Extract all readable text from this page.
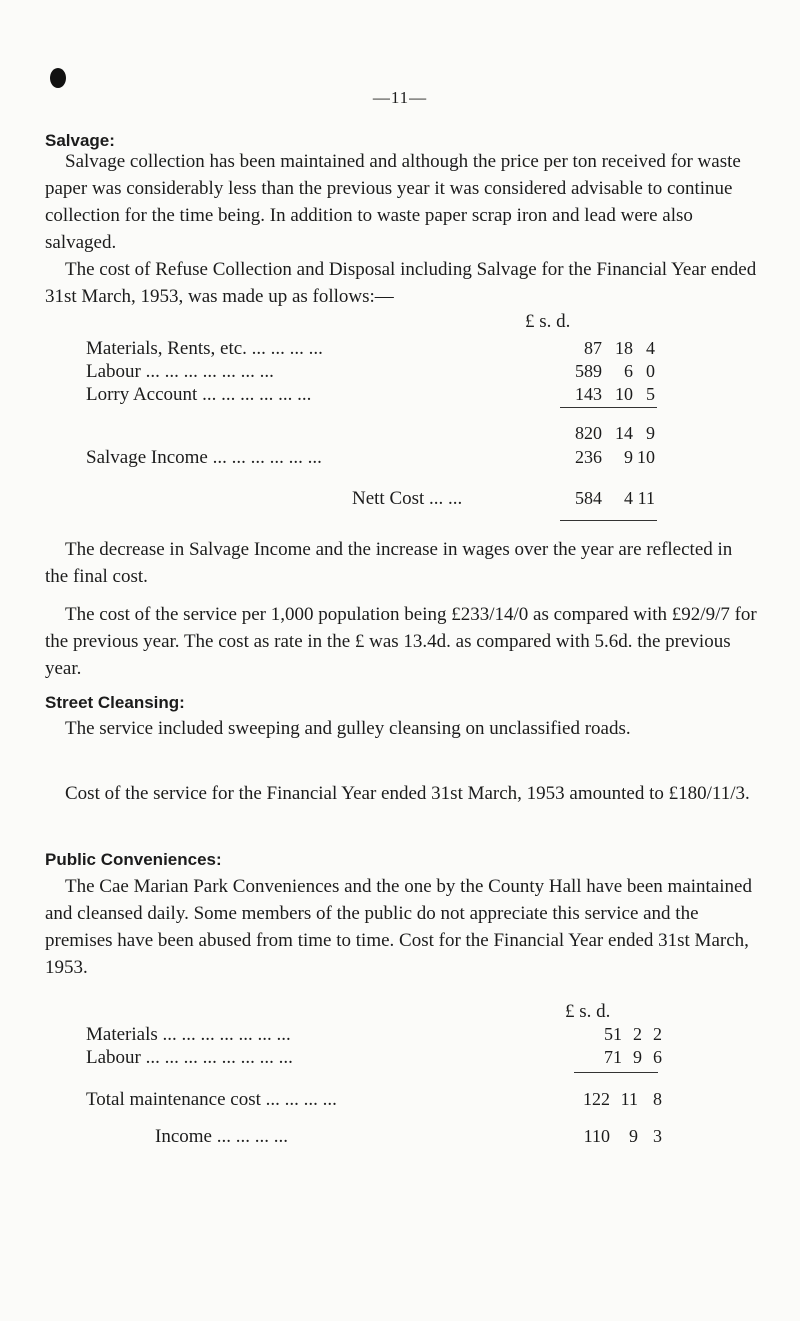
—11—
Salvage:
Salvage collection has been maintained and although the price per ton received for waste paper was considerably less than the previous year it was considered advisable to continue collection for the time being. In addition to waste paper scrap iron and lead were also salvaged.
The cost of Refuse Collection and Disposal including Salvage for the Financial Year ended 31st March, 1953, was made up as follows:—
£ s. d.
Materials, Rents, etc. ... ... ... ...	87 18 4
Labour ... ... ... ... ... ... ...	589	6 0
Lorry Account ... ... ... ... ... ...	143 10 5
820 14 9
Salvage Income ... ... ... ... ... ...	236	9 10
Nett Cost ... ...	584	4 11
The decrease in Salvage Income and the increase in wages over the year are reflected in the final cost.
The cost of the service per 1,000 population being £233/14/0 as compared with £92/9/7 for the previous year. The cost as rate in the £ was 13.4d. as compared with 5.6d. the previous year.
Street Cleansing:
The service included sweeping and gulley cleansing on unclassified roads.
Cost of the service for the Financial Year ended 31st March, 1953 amounted to £180/11/3.
Public Conveniences:
The Cae Marian Park Conveniences and the one by the County Hall have been maintained and cleansed daily. Some members of the public do not appreciate this service and the premises have been abused from time to time. Cost for the Financial Year ended 31st March, 1953.
£ s. d.
Materials ... ... ... ... ... ... ...	51 2 2
Labour ... ... ... ... ... ... ... ...	71 9 6
Total maintenance cost ... ... ... ...	122 11 8
Income ... ... ... ...	110	9 3
